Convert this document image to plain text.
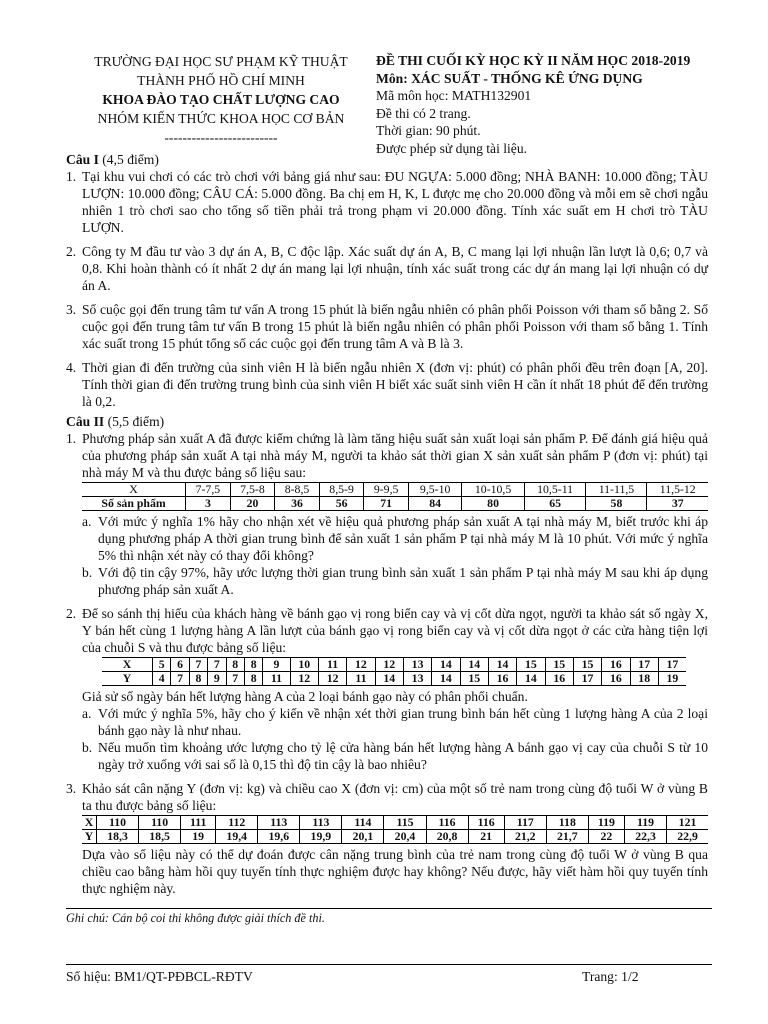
TRƯỜNG ĐẠI HỌC SƯ PHẠM KỸ THUẬT
THÀNH PHỐ HỒ CHÍ MINH
KHOA ĐÀO TẠO CHẤT LƯỢNG CAO
NHÓM KIẾN THỨC KHOA HỌC CƠ BẢN
-------------------------
ĐỀ THI CUỐI KỲ HỌC KỲ II NĂM HỌC 2018-2019
Môn: XÁC SUẤT - THỐNG KÊ ỨNG DỤNG
Mã môn học: MATH132901
Đề thi có 2 trang.
Thời gian: 90 phút.
Được phép sử dụng tài liệu.
Câu I (4,5 điểm)
1. Tại khu vui chơi có các trò chơi với bảng giá như sau: ĐU NGỰA: 5.000 đồng; NHÀ BANH: 10.000 đồng; TÀU LƯỢN: 10.000 đồng; CÂU CÁ: 5.000 đồng. Ba chị em H, K, L được mẹ cho 20.000 đồng và mỗi em sẽ chơi ngẫu nhiên 1 trò chơi sao cho tổng số tiền phải trả trong phạm vi 20.000 đồng. Tính xác suất em H chơi trò TÀU LƯỢN.
2. Công ty M đầu tư vào 3 dự án A, B, C độc lập. Xác suất dự án A, B, C mang lại lợi nhuận lần lượt là 0,6; 0,7 và 0,8. Khi hoàn thành có ít nhất 2 dự án mang lại lợi nhuận, tính xác suất trong các dự án mang lại lợi nhuận có dự án A.
3. Số cuộc gọi đến trung tâm tư vấn A trong 15 phút là biến ngẫu nhiên có phân phối Poisson với tham số bằng 2. Số cuộc gọi đến trung tâm tư vấn B trong 15 phút là biến ngẫu nhiên có phân phối Poisson với tham số bằng 1. Tính xác suất trong 15 phút tổng số các cuộc gọi đến trung tâm A và B là 3.
4. Thời gian đi đến trường của sinh viên H là biến ngẫu nhiên X (đơn vị: phút) có phân phối đều trên đoạn [A, 20]. Tính thời gian đi đến trường trung bình của sinh viên H biết xác suất sinh viên H cần ít nhất 18 phút để đến trường là 0,2.
Câu II (5,5 điểm)
1. Phương pháp sản xuất A đã được kiểm chứng là làm tăng hiệu suất sản xuất loại sản phẩm P. Để đánh giá hiệu quả của phương pháp sản xuất A tại nhà máy M, người ta khảo sát thời gian X sản xuất sản phẩm P (đơn vị: phút) tại nhà máy M và thu được bảng số liệu sau:
X	7-7,5	7,5-8	8-8,5	8,5-9	9-9,5	9,5-10	10-10,5	10,5-11	11-11,5	11,5-12
Số sản phẩm	3	20	36	56	71	84	80	65	58	37
a. Với mức ý nghĩa 1% hãy cho nhận xét về hiệu quả phương pháp sản xuất A tại nhà máy M, biết trước khi áp dụng phương pháp A thời gian trung bình để sản xuất 1 sản phẩm P tại nhà máy M là 10 phút. Với mức ý nghĩa 5% thì nhận xét này có thay đổi không?
b. Với độ tin cậy 97%, hãy ước lượng thời gian trung bình sản xuất 1 sản phẩm P tại nhà máy M sau khi áp dụng phương pháp sản xuất A.
2. Để so sánh thị hiếu của khách hàng về bánh gạo vị rong biển cay và vị cốt dừa ngọt, người ta khảo sát số ngày X, Y bán hết cùng 1 lượng hàng A lần lượt của bánh gạo vị rong biển cay và vị cốt dừa ngọt ở các cửa hàng tiện lợi của chuỗi S và thu được bảng số liệu:
X	5	6	7	7	8	8	9	10	11	12	12	13	14	14	14	15	15	15	16	17	17
Y	4	7	8	9	7	8	11	12	12	11	14	13	14	15	16	14	16	17	16	18	19
Giả sử số ngày bán hết lượng hàng A của 2 loại bánh gạo này có phân phối chuẩn.
a. Với mức ý nghĩa 5%, hãy cho ý kiến về nhận xét thời gian trung bình bán hết cùng 1 lượng hàng A của 2 loại bánh gạo này là như nhau.
b. Nếu muốn tìm khoảng ước lượng cho tỷ lệ cửa hàng bán hết lượng hàng A bánh gạo vị cay của chuỗi S từ 10 ngày trở xuống với sai số là 0,15 thì độ tin cậy là bao nhiêu?
3. Khảo sát cân nặng Y (đơn vị: kg) và chiều cao X (đơn vị: cm) của một số trẻ nam trong cùng độ tuổi W ở vùng B ta thu được bảng số liệu:
X	110	110	111	112	113	113	114	115	116	116	117	118	119	119	121
Y	18,3	18,5	19	19,4	19,6	19,9	20,1	20,4	20,8	21	21,2	21,7	22	22,3	22,9
Dựa vào số liệu này có thể dự đoán được cân nặng trung bình của trẻ nam trong cùng độ tuổi W ở vùng B qua chiều cao bằng hàm hồi quy tuyến tính thực nghiệm được hay không? Nếu được, hãy viết hàm hồi quy tuyến tính thực nghiệm này.
Ghi chú: Cán bộ coi thi không được giải thích đề thi.
Số hiệu: BM1/QT-PĐBCL-RĐTV	Trang: 1/2
